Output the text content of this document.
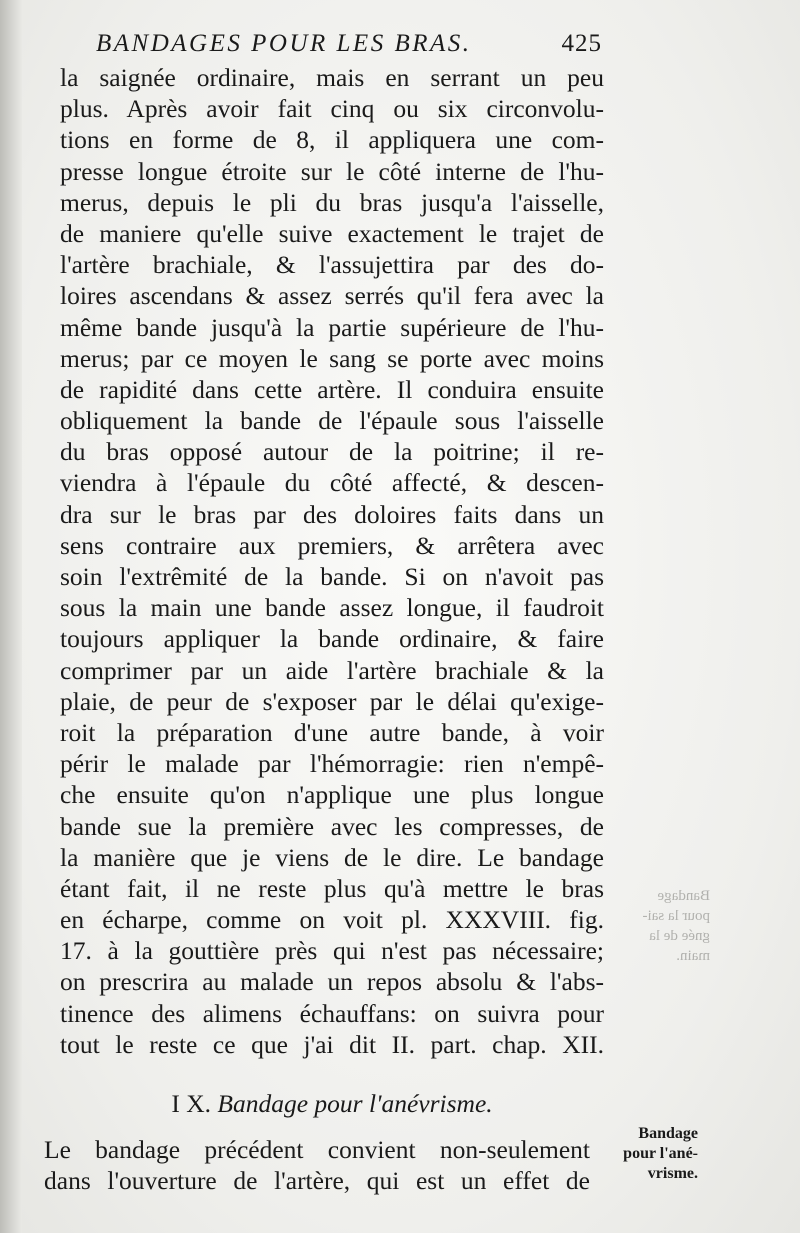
BANDAGES POUR LES BRAS.	425
la saignée ordinaire, mais en serrant un peu
plus. Après avoir fait cinq ou six circonvolu-
tions en forme de 8, il appliquera une com-
presse longue étroite sur le côté interne de l'hu-
merus, depuis le pli du bras jusqu'a l'aisselle,
de maniere qu'elle suive exactement le trajet de
l'artère brachiale, & l'assujettira par des do-
loires ascendans & assez serrés qu'il fera avec la
même bande jusqu'à la partie supérieure de l'hu-
merus; par ce moyen le sang se porte avec moins
de rapidité dans cette artère. Il conduira ensuite
obliquement la bande de l'épaule sous l'aisselle
du bras opposé autour de la poitrine; il re-
viendra à l'épaule du côté affecté, & descen-
dra sur le bras par des doloires faits dans un
sens contraire aux premiers, & arrêtera avec
soin l'extrêmité de la bande. Si on n'avoit pas
sous la main une bande assez longue, il faudroit
toujours appliquer la bande ordinaire, & faire
comprimer par un aide l'artère brachiale & la
plaie, de peur de s'exposer par le délai qu'exige-
roit la préparation d'une autre bande, à voir
périr le malade par l'hémorragie: rien n'empê-
che ensuite qu'on n'applique une plus longue
bande sue la première avec les compresses, de
la manière que je viens de le dire. Le bandage
étant fait, il ne reste plus qu'à mettre le bras
en écharpe, comme on voit pl. XXXVIII. fig.
17. à la gouttière près qui n'est pas nécessaire;
on prescrira au malade un repos absolu & l'abs-
tinence des alimens échauffans: on suivra pour
tout le reste ce que j'ai dit II. part. chap. XII.
Bandage
pour la sai-
gnée de la
main.
I X. Bandage pour l'anévrisme.
Le bandage précédent convient non-seulement
dans l'ouverture de l'artère, qui est un effet de
Bandage
pour l'ané-
vrisme.
